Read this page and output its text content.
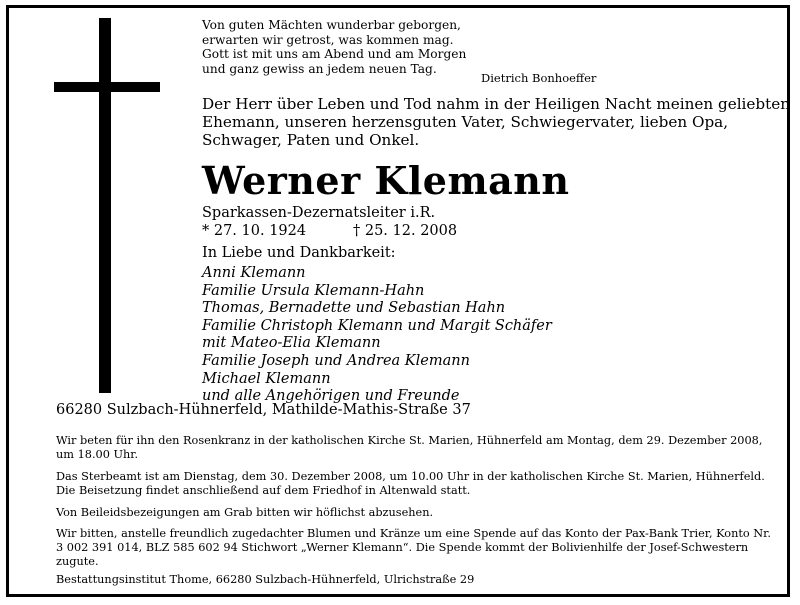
Von guten Mächten wunderbar geborgen,
erwarten wir getrost, was kommen mag.
Gott ist mit uns am Abend und am Morgen
und ganz gewiss an jedem neuen Tag.
Dietrich Bonhoeffer
Der Herr über Leben und Tod nahm in der Heiligen Nacht meinen geliebten
Ehemann, unseren herzensguten Vater, Schwiegervater, lieben Opa,
Schwager, Paten und Onkel.
Werner Klemann
Sparkassen-Dezernatsleiter i.R.
* 27. 10. 1924	† 25. 12. 2008
In Liebe und Dankbarkeit:
Anni Klemann
Familie Ursula Klemann-Hahn
Thomas, Bernadette und Sebastian Hahn
Familie Christoph Klemann und Margit Schäfer
mit Mateo-Elia Klemann
Familie Joseph und Andrea Klemann
Michael Klemann
und alle Angehörigen und Freunde
66280 Sulzbach-Hühnerfeld, Mathilde-Mathis-Straße 37
Wir beten für ihn den Rosenkranz in der katholischen Kirche St. Marien, Hühnerfeld am Montag, dem 29. Dezember 2008, um 18.00 Uhr.
Das Sterbeamt ist am Dienstag, dem 30. Dezember 2008, um 10.00 Uhr in der katholischen Kirche St. Marien, Hühnerfeld. Die Beisetzung findet anschließend auf dem Friedhof in Altenwald statt.
Von Beileidsbezeigungen am Grab bitten wir höflichst abzusehen.
Wir bitten, anstelle freundlich zugedachter Blumen und Kränze um eine Spende auf das Konto der Pax-Bank Trier, Konto Nr. 3 002 391 014, BLZ 585 602 94 Stichwort „Werner Klemann“. Die Spende kommt der Bolivienhilfe der Josef-Schwestern zugute.
Bestattungsinstitut Thome, 66280 Sulzbach-Hühnerfeld, Ulrichstraße 29
